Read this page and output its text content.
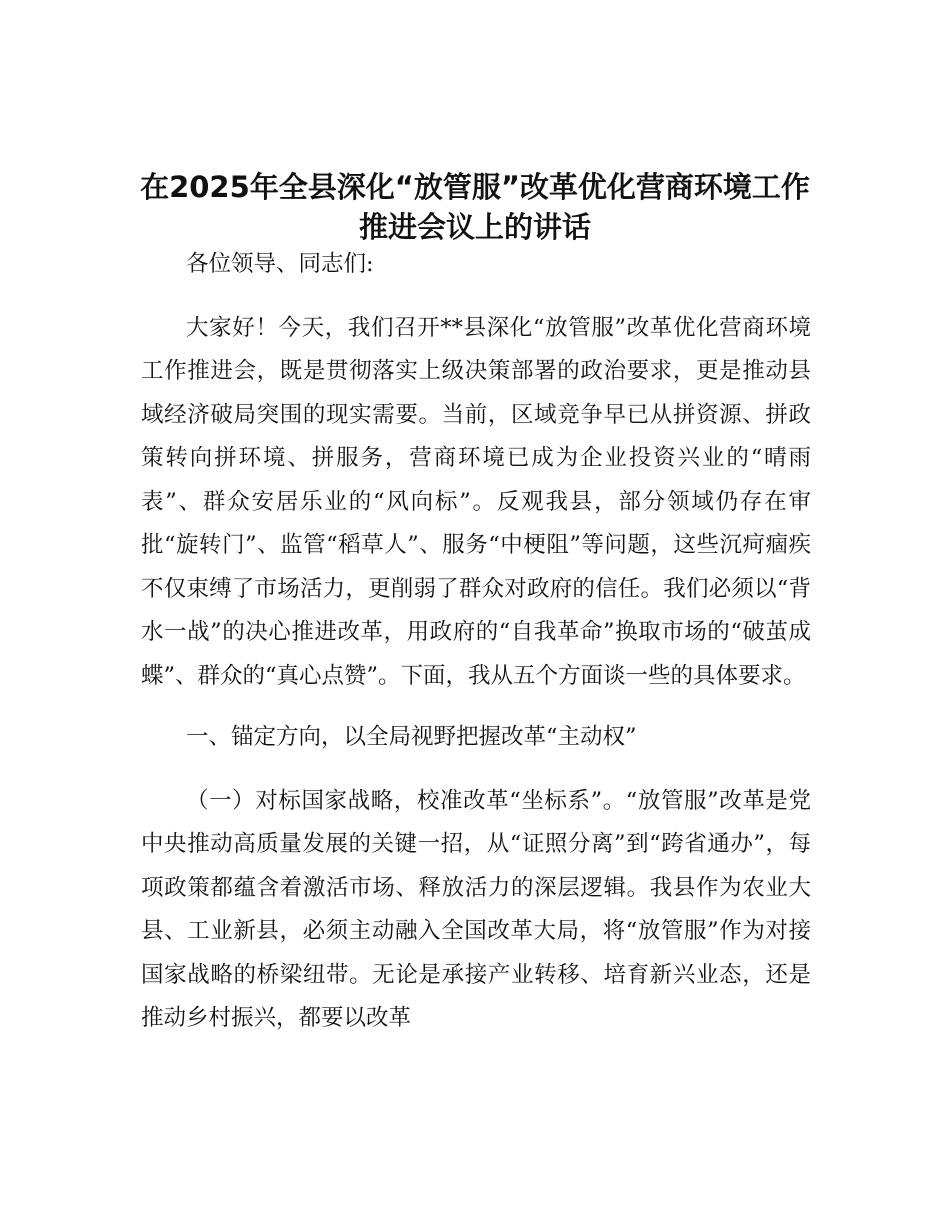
在2025年全县深化“放管服”改革优化营商环境工作推进会议上的讲话

各位领导、同志们:

大家好！今天，我们召开**县深化“放管服”改革优化营商环境工作推进会，既是贯彻落实上级决策部署的政治要求，更是推动县域经济破局突围的现实需要。当前，区域竞争早已从拼资源、拼政策转向拼环境、拼服务，营商环境已成为企业投资兴业的“晴雨表”、群众安居乐业的“风向标”。反观我县，部分领域仍存在审批“旋转门”、监管“稻草人”、服务“中梗阻”等问题，这些沉疴痼疾不仅束缚了市场活力，更削弱了群众对政府的信任。我们必须以“背水一战”的决心推进改革，用政府的“自我革命”换取市场的“破茧成蝶”、群众的“真心点赞”。下面，我从五个方面谈一些的具体要求。

一、锚定方向，以全局视野把握改革“主动权”

（一）对标国家战略，校准改革“坐标系”。“放管服”改革是党中央推动高质量发展的关键一招，从“证照分离”到“跨省通办”，每项政策都蕴含着激活市场、释放活力的深层逻辑。我县作为农业大县、工业新县，必须主动融入全国改革大局，将“放管服”作为对接国家战略的桥梁纽带。无论是承接产业转移、培育新兴业态，还是推动乡村振兴，都要以改革
